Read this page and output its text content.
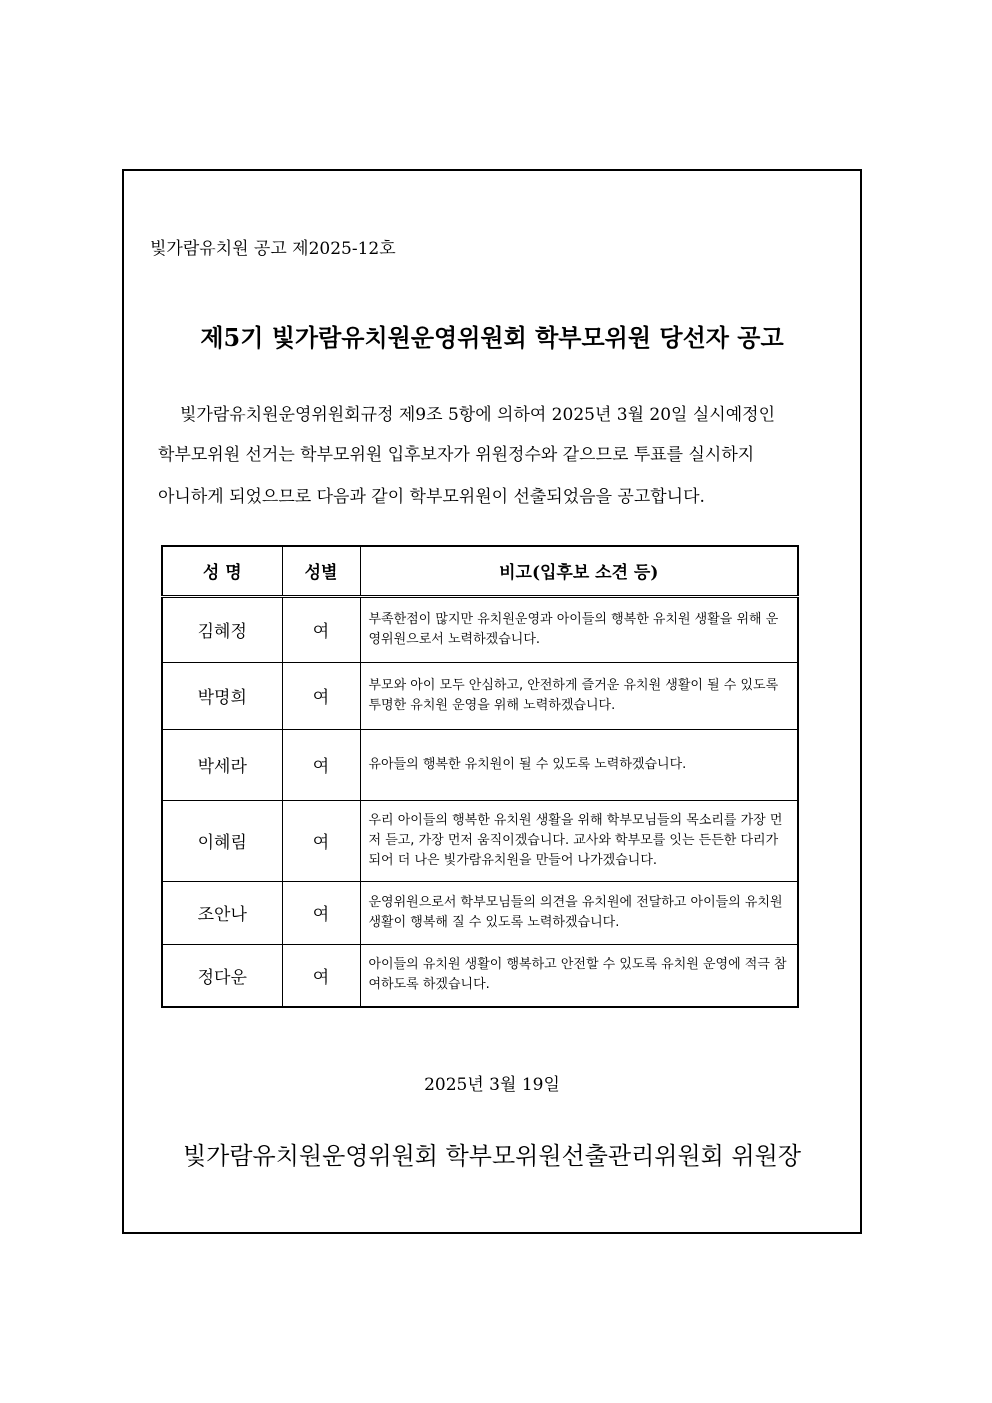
빛가람유치원 공고 제2025-12호
제5기 빛가람유치원운영위원회 학부모위원 당선자 공고
빛가람유치원운영위원회규정 제9조 5항에 의하여 2025년 3월 20일 실시예정인
학부모위원 선거는 학부모위원 입후보자가 위원정수와 같으므로 투표를 실시하지
아니하게 되었으므로 다음과 같이 학부모위원이 선출되었음을 공고합니다.
성 명	성별	비고(입후보 소견 등)
김혜정	여	부족한점이 많지만 유치원운영과 아이들의 행복한 유치원 생활을 위해 운영위원으로서 노력하겠습니다.
박명희	여	부모와 아이 모두 안심하고, 안전하게 즐거운 유치원 생활이 될 수 있도록 투명한 유치원 운영을 위해 노력하겠습니다.
박세라	여	유아들의 행복한 유치원이 될 수 있도록 노력하겠습니다.
이혜림	여	우리 아이들의 행복한 유치원 생활을 위해 학부모님들의 목소리를 가장 먼저 듣고, 가장 먼저 움직이겠습니다. 교사와 학부모를 잇는 든든한 다리가 되어 더 나은 빛가람유치원을 만들어 나가겠습니다.
조안나	여	운영위원으로서 학부모님들의 의견을 유치원에 전달하고 아이들의 유치원 생활이 행복해 질 수 있도록 노력하겠습니다.
정다운	여	아이들의 유치원 생활이 행복하고 안전할 수 있도록 유치원 운영에 적극 참여하도록 하겠습니다.
2025년 3월 19일
빛가람유치원운영위원회 학부모위원선출관리위원회 위원장
